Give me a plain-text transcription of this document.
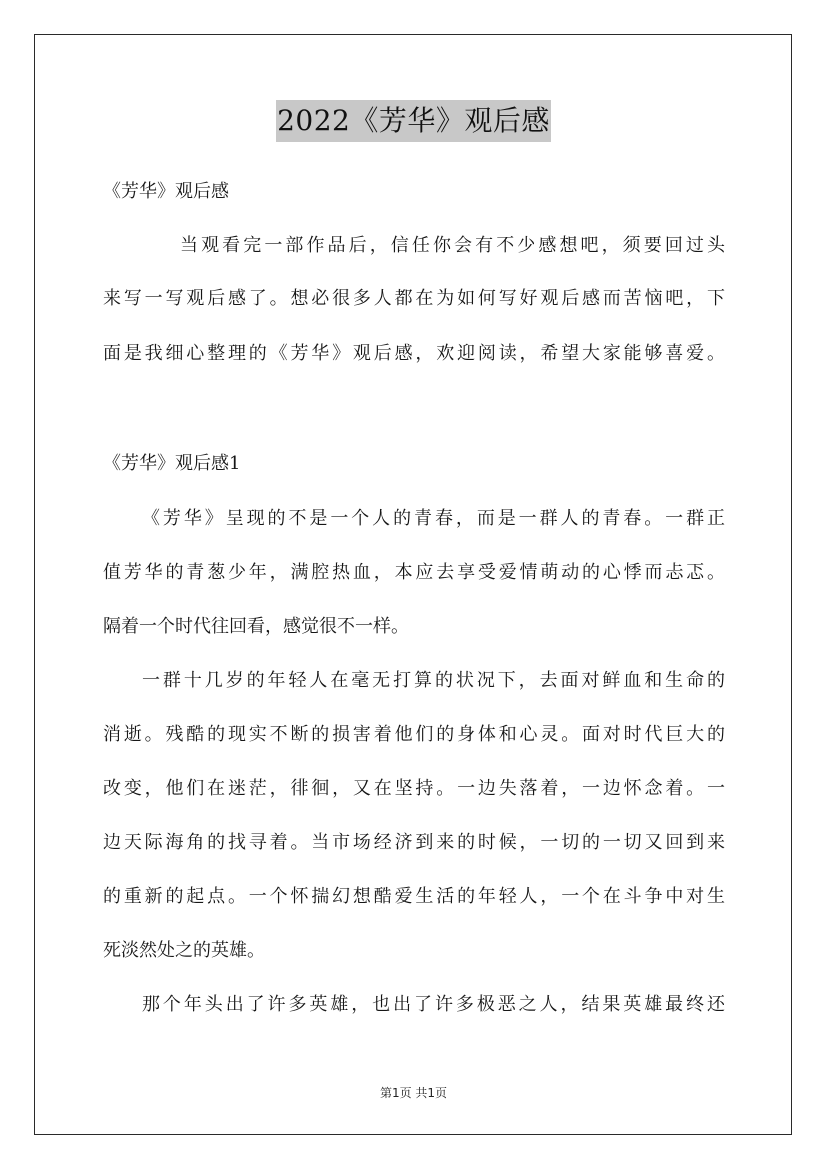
2022《芳华》观后感
《芳华》观后感
当观看完一部作品后，信任你会有不少感想吧，须要回过头
来写一写观后感了。想必很多人都在为如何写好观后感而苦恼吧，下
面是我细心整理的《芳华》观后感，欢迎阅读，希望大家能够喜爱。
《芳华》观后感1
《芳华》呈现的不是一个人的青春，而是一群人的青春。一群正
值芳华的青葱少年，满腔热血，本应去享受爱情萌动的心悸而忐忑。
隔着一个时代往回看，感觉很不一样。
一群十几岁的年轻人在毫无打算的状况下，去面对鲜血和生命的
消逝。残酷的现实不断的损害着他们的身体和心灵。面对时代巨大的
改变，他们在迷茫，徘徊，又在坚持。一边失落着，一边怀念着。一
边天际海角的找寻着。当市场经济到来的时候，一切的一切又回到来
的重新的起点。一个怀揣幻想酷爱生活的年轻人，一个在斗争中对生
死淡然处之的英雄。
那个年头出了许多英雄，也出了许多极恶之人，结果英雄最终还
第1页 共1页
